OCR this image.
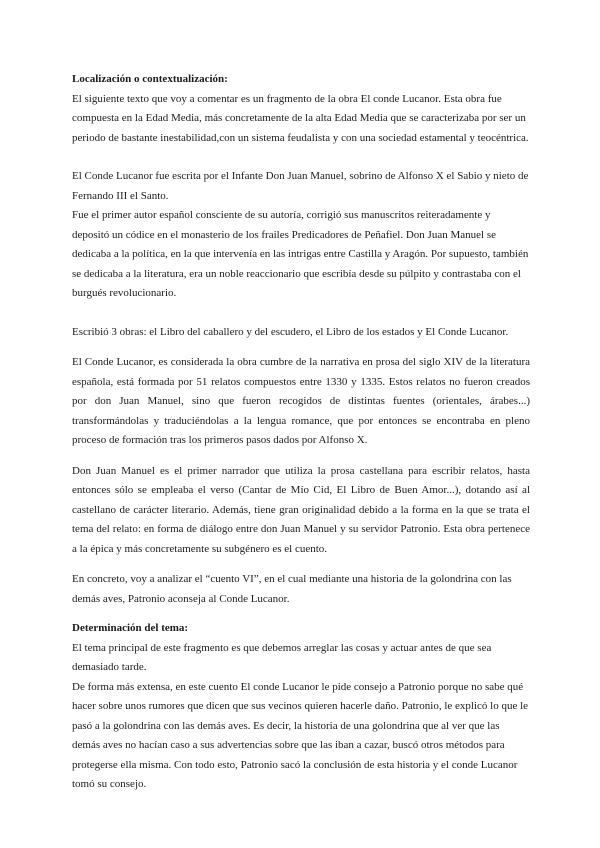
Localización o contextualización:

El siguiente texto que voy a comentar es un fragmento de la obra El conde Lucanor. Esta obra fue compuesta en la Edad Media, más concretamente de la alta Edad Media que se caracterizaba por ser un periodo de bastante inestabilidad,con un sistema feudalista y con una sociedad estamental y teocéntrica.

El Conde Lucanor fue escrita por el Infante Don Juan Manuel, sobrino de Alfonso X el Sabio y nieto de Fernando III el Santo.

Fue el primer autor español consciente de su autoría, corrigió sus manuscritos reiteradamente y depositó un códice en el monasterio de los frailes Predicadores de Peñafiel. Don Juan Manuel se dedicaba a la política, en la que intervenía en las intrigas entre Castilla y Aragón. Por supuesto, también se dedicaba a la literatura, era un noble reaccionario que escribía desde su púlpito y contrastaba con el burgués revolucionario.

Escribió 3 obras: el Libro del caballero y del escudero, el Libro de los estados y El Conde Lucanor.

El Conde Lucanor, es considerada la obra cumbre de la narrativa en prosa del siglo XIV de la literatura española, está formada por 51 relatos compuestos entre 1330 y 1335. Estos relatos no fueron creados por don Juan Manuel, sino que fueron recogidos de distintas fuentes (orientales, árabes...) transformándolas y traduciéndolas a la lengua romance, que por entonces se encontraba en pleno proceso de formación tras los primeros pasos dados por Alfonso X.

Don Juan Manuel es el primer narrador que utiliza la prosa castellana para escribir relatos, hasta entonces sólo se empleaba el verso (Cantar de Mío Cid, El Libro de Buen Amor...), dotando así al castellano de carácter literario. Además, tiene gran originalidad debido a la forma en la que se trata el tema del relato: en forma de diálogo entre don Juan Manuel y su servidor Patronio. Esta obra pertenece a la épica y más concretamente su subgénero es el cuento.

En concreto, voy a analizar el “cuento VI”, en el cual mediante una historia de la golondrina con las demás aves, Patronio aconseja al Conde Lucanor.

Determinación del tema:

El tema principal de este fragmento es que debemos arreglar las cosas y actuar antes de que sea demasiado tarde.

De forma más extensa, en este cuento El conde Lucanor le pide consejo a Patronio porque no sabe qué hacer sobre unos rumores que dicen que sus vecinos quieren hacerle daño. Patronio, le explicó lo que le pasó a la golondrina con las demás aves. Es decir, la historia de una golondrina que al ver que las demás aves no hacían caso a sus advertencias sobre que las iban a cazar, buscó otros métodos para protegerse ella misma. Con todo esto, Patronio sacó la conclusión de esta historia y el conde Lucanor tomó su consejo.
